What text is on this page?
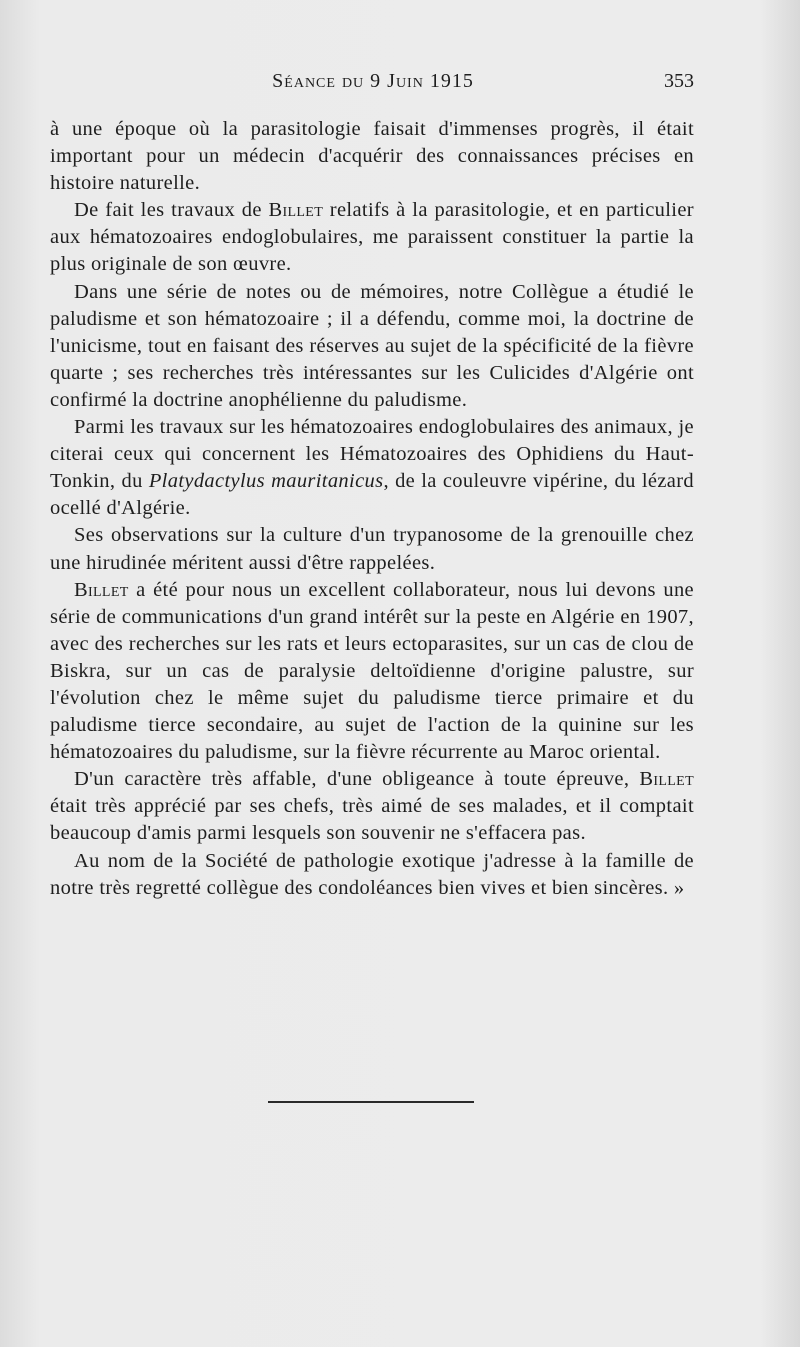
Séance du 9 Juin 1915	353

à une époque où la parasitologie faisait d'immenses progrès, il était important pour un médecin d'acquérir des connaissances précises en histoire naturelle.

De fait les travaux de Billet relatifs à la parasitologie, et en particulier aux hématozoaires endoglobulaires, me paraissent constituer la partie la plus originale de son œuvre.

Dans une série de notes ou de mémoires, notre Collègue a étudié le paludisme et son hématozoaire ; il a défendu, comme moi, la doctrine de l'unicisme, tout en faisant des réserves au sujet de la spécificité de la fièvre quarte ; ses recherches très intéressantes sur les Culicides d'Algérie ont confirmé la doctrine anophélienne du paludisme.

Parmi les travaux sur les hématozoaires endoglobulaires des animaux, je citerai ceux qui concernent les Hématozoaires des Ophidiens du Haut-Tonkin, du Platydactylus mauritanicus, de la couleuvre vipérine, du lézard ocellé d'Algérie.

Ses observations sur la culture d'un trypanosome de la grenouille chez une hirudinée méritent aussi d'être rappelées.

Billet a été pour nous un excellent collaborateur, nous lui devons une série de communications d'un grand intérêt sur la peste en Algérie en 1907, avec des recherches sur les rats et leurs ectoparasites, sur un cas de clou de Biskra, sur un cas de paralysie deltoïdienne d'origine palustre, sur l'évolution chez le même sujet du paludisme tierce primaire et du paludisme tierce secondaire, au sujet de l'action de la quinine sur les hématozoaires du paludisme, sur la fièvre récurrente au Maroc oriental.

D'un caractère très affable, d'une obligeance à toute épreuve, Billet était très apprécié par ses chefs, très aimé de ses malades, et il comptait beaucoup d'amis parmi lesquels son souvenir ne s'effacera pas.

Au nom de la Société de pathologie exotique j'adresse à la famille de notre très regretté collègue des condoléances bien vives et bien sincères. »
